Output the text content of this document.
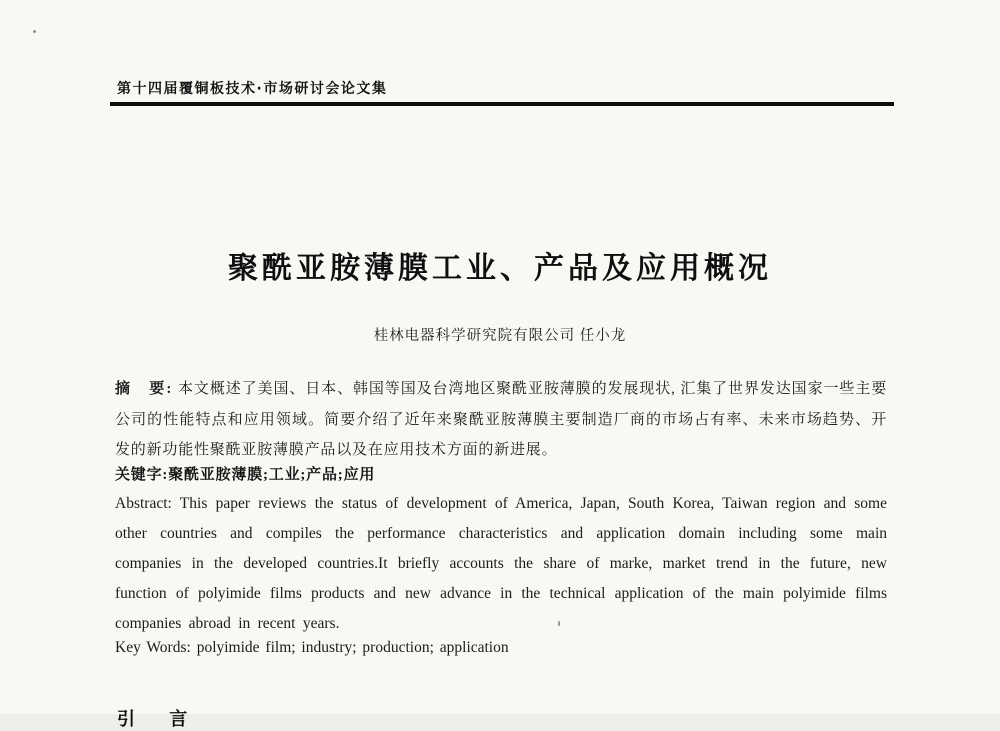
第十四届覆铜板技术·市场研讨会论文集
聚酰亚胺薄膜工业、产品及应用概况
桂林电器科学研究院有限公司 任小龙

摘　要: 本文概述了美国、日本、韩国等国及台湾地区聚酰亚胺薄膜的发展现状, 汇集了世界发达国家一些主要公司的性能特点和应用领域。简要介绍了近年来聚酰亚胺薄膜主要制造厂商的市场占有率、未来市场趋势、开发的新功能性聚酰亚胺薄膜产品以及在应用技术方面的新进展。

关键字:聚酰亚胺薄膜;工业;产品;应用

Abstract: This paper reviews the status of development of America, Japan, South Korea, Taiwan region and some other countries and compiles the performance characteristics and application domain including some main companies in the developed countries.It briefly accounts the share of marke, market trend in the future, new function of polyimide films products and new advance in the technical application of the main polyimide films companies abroad in recent years.

Key Words: polyimide film; industry; production; application

引 言
